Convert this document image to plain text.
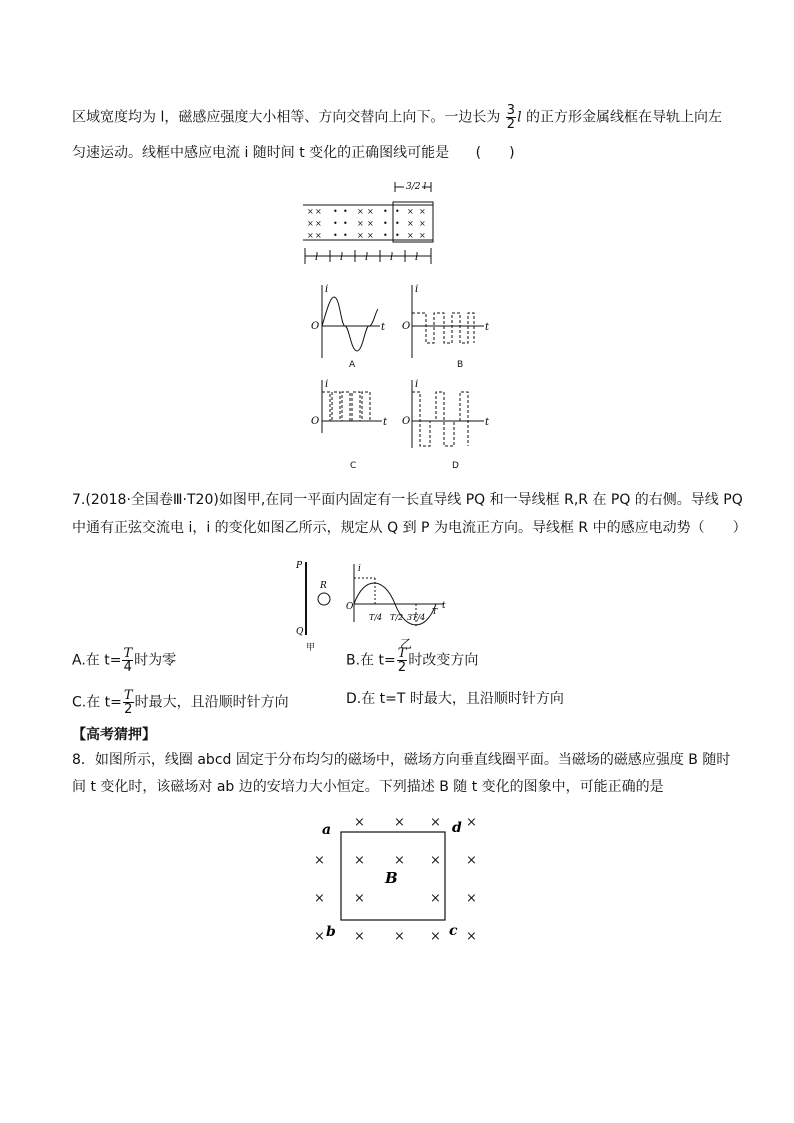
区域宽度均为 l，磁感应强度大小相等、方向交替向上向下。一边长为 $\frac{3}{2}$ l 的正方形金属线框在导轨上向左
匀速运动。线框中感应电流 i 随时间 t 变化的正确图线可能是 (　　)
× × • • × × • • × ×
× × • • × × • • × ×
× × • • × × • • × ×
3/2 l
l l l l l
i
t
O
A
i
t
O
B
i
t
O
C
i
t
O
D
7.(2018·全国卷Ⅲ·T20)如图甲,在同一平面内固定有一长直导线 PQ 和一导线框 R,R 在 PQ 的右侧。导线 PQ
中通有正弦交流电 i，i 的变化如图乙所示，规定从 Q 到 P 为电流正方向。导线框 R 中的感应电动势（　　）
P
Q
R
甲
i
t
O
T/4 T/2 3T/4
T
乙
A.在 $t= \frac{T}{4}$ 时为零	B.在 $t= \frac{T}{2}$ 时改变方向
C.在 $t= \frac{T}{2}$ 时最大，且沿顺时针方向	D.在 t=T 时最大，且沿顺时针方向
【高考猜押】
8．如图所示，线圈 abcd 固定于分布均匀的磁场中，磁场方向垂直线圈平面。当磁场的磁感应强度 B 随时
间 t 变化时，该磁场对 ab 边的安培力大小恒定。下列描述 B 随 t 变化的图象中，可能正确的是
× × × ×
× × × × ×
× ×	× ×
× × × × ×
a	d
b	c
B
